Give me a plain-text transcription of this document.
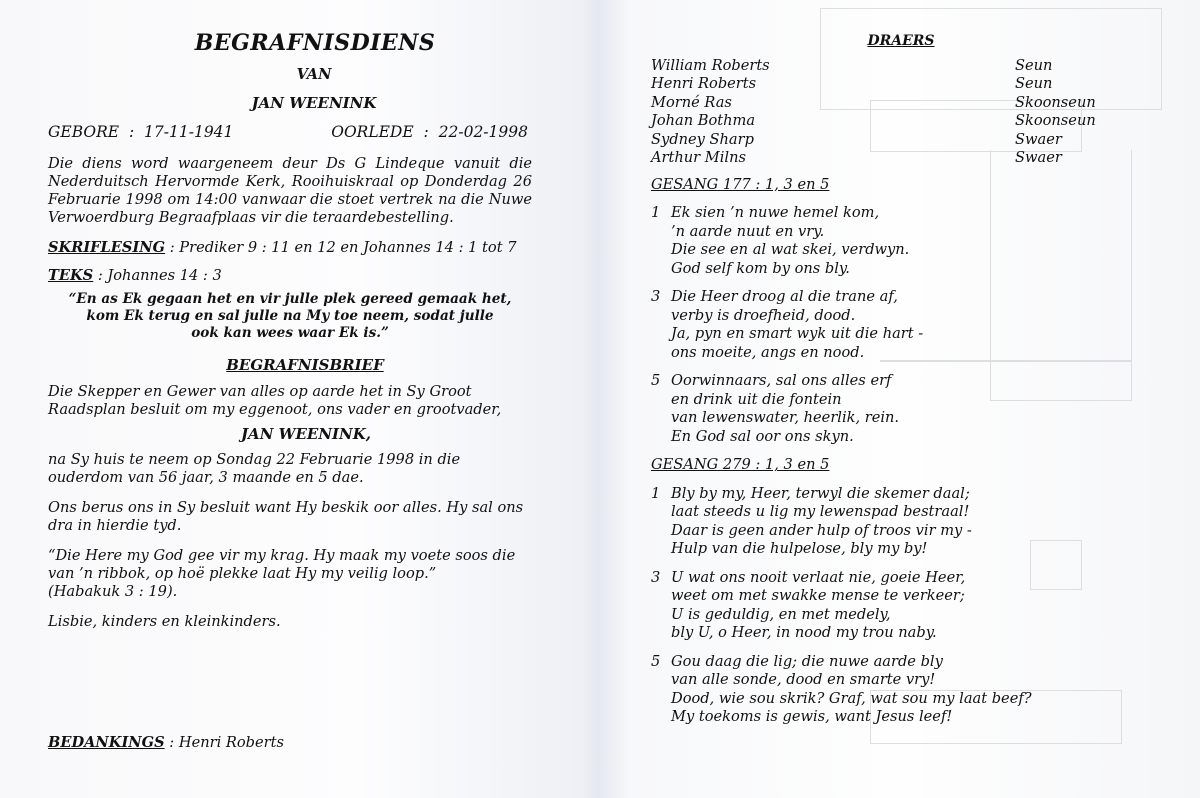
BEGRAFNISDIENS
VAN
JAN WEENINK
GEBORE  :  17-11-1941	OORLEDE  :  22-02-1998

Die diens word waargeneem deur Ds G Lindeque vanuit die Nederduitsch Hervormde Kerk, Rooihuiskraal op Donderdag 26 Februarie 1998 om 14:00 vanwaar die stoet vertrek na die Nuwe Verwoerdburg Begraafplaas vir die teraardebestelling.

SKRIFLESING : Prediker 9 : 11 en 12 en Johannes 14 : 1 tot 7

TEKS : Johannes 14 : 3

“En as Ek gegaan het en vir julle plek gereed gemaak het,
kom Ek terug en sal julle na My toe neem, sodat julle
ook kan wees waar Ek is.”
BEGRAFNISBRIEF

Die Skepper en Gewer van alles op aarde het in Sy Groot Raadsplan besluit om my eggenoot, ons vader en grootvader,

JAN WEENINK,

na Sy huis te neem op Sondag 22 Februarie 1998 in die ouderdom van 56 jaar, 3 maande en 5 dae.

Ons berus ons in Sy besluit want Hy beskik oor alles. Hy sal ons dra in hierdie tyd.

“Die Here my God gee vir my krag. Hy maak my voete soos die van ’n ribbok, op hoë plekke laat Hy my veilig loop.”

(Habakuk 3 : 19).

Lisbie, kinders en kleinkinders.

BEDANKINGS : Henri Roberts
DRAERS
William Roberts	Seun
Henri Roberts	Seun
Morné Ras	Skoonseun
Johan Bothma	Skoonseun
Sydney Sharp	Swaer
Arthur Milns	Swaer
GESANG 177 : 1, 3 en 5
1 Ek sien ’n nuwe hemel kom,
’n aarde nuut en vry.
Die see en al wat skei, verdwyn.
God self kom by ons bly.
3 Die Heer droog al die trane af,
verby is droefheid, dood.
Ja, pyn en smart wyk uit die hart -
ons moeite, angs en nood.
5 Oorwinnaars, sal ons alles erf
en drink uit die fontein
van lewenswater, heerlik, rein.
En God sal oor ons skyn.
GESANG 279 : 1, 3 en 5
1 Bly by my, Heer, terwyl die skemer daal;
laat steeds u lig my lewenspad bestraal!
Daar is geen ander hulp of troos vir my -
Hulp van die hulpelose, bly my by!
3 U wat ons nooit verlaat nie, goeie Heer,
weet om met swakke mense te verkeer;
U is geduldig, en met medely,
bly U, o Heer, in nood my trou naby.
5 Gou daag die lig; die nuwe aarde bly
van alle sonde, dood en smarte vry!
Dood, wie sou skrik? Graf, wat sou my laat beef?
My toekoms is gewis, want Jesus leef!
